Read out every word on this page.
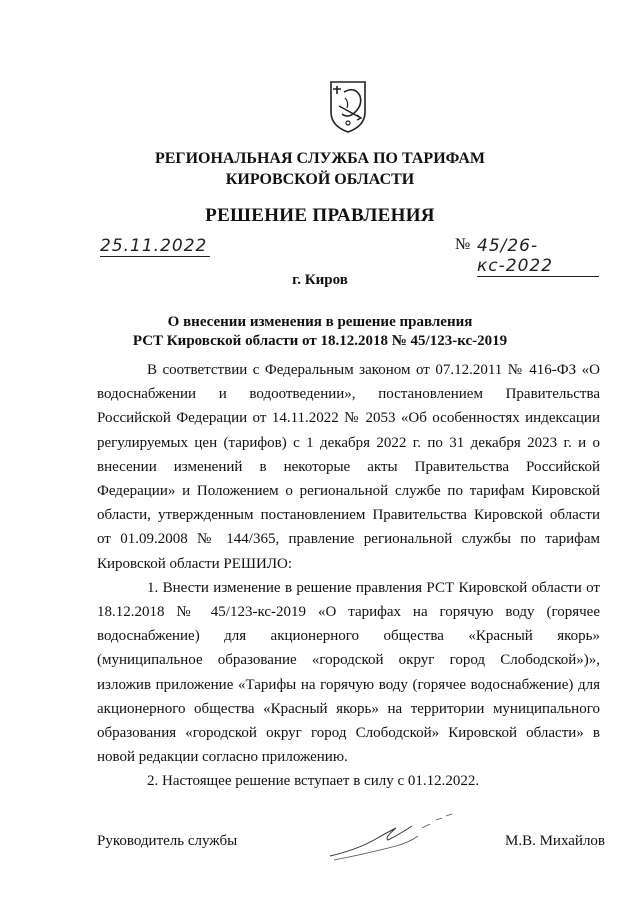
РЕГИОНАЛЬНАЯ СЛУЖБА ПО ТАРИФАМ
КИРОВСКОЙ ОБЛАСТИ
РЕШЕНИЕ ПРАВЛЕНИЯ
25.11.2022	№ 45/26-кс-2022
г. Киров
О внесении изменения в решение правления
РСТ Кировской области от 18.12.2018 № 45/123-кс-2019

В соответствии с Федеральным законом от 07.12.2011 № 416-ФЗ «О водоснабжении и водоотведении», постановлением Правительства Российской Федерации от 14.11.2022 № 2053 «Об особенностях индексации регулируемых цен (тарифов) с 1 декабря 2022 г. по 31 декабря 2023 г. и о внесении изменений в некоторые акты Правительства Российской Федерации» и Положением о региональной службе по тарифам Кировской области, утвержденным постановлением Правительства Кировской области от 01.09.2008 № 144/365, правление региональной службы по тарифам Кировской области РЕШИЛО:

1. Внести изменение в решение правления РСТ Кировской области от 18.12.2018 № 45/123-кс-2019 «О тарифах на горячую воду (горячее водоснабжение) для акционерного общества «Красный якорь» (муниципальное образование «городской округ город Слободской»)», изложив приложение «Тарифы на горячую воду (горячее водоснабжение) для акционерного общества «Красный якорь» на территории муниципального образования «городской округ город Слободской» Кировской области» в новой редакции согласно приложению.

2. Настоящее решение вступает в силу с 01.12.2022.

Руководитель службы	М.В. Михайлов
